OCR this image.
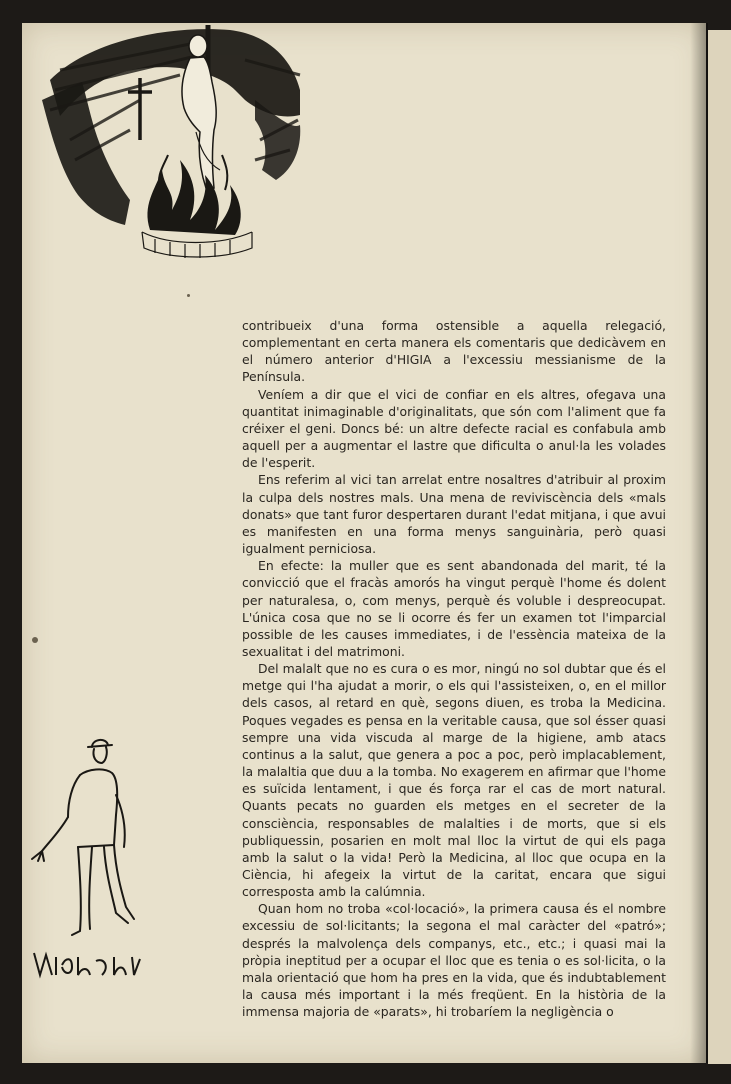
contribueix d'una forma ostensible a aquella relegació, complementant en certa manera els comentaris que dedicàvem en el número anterior d'HIGIA a l'excessiu messianisme de la Península.

Veníem a dir que el vici de confiar en els altres, ofegava una quantitat inimaginable d'originalitats, que són com l'aliment que fa créixer el geni. Doncs bé: un altre defecte racial es confabula amb aquell per a augmentar el lastre que dificulta o anul·la les volades de l'esperit.

Ens referim al vici tan arrelat entre nosaltres d'atribuir al proxim la culpa dels nostres mals. Una mena de reviviscència dels «mals donats» que tant furor despertaren durant l'edat mitjana, i que avui es manifesten en una forma menys sanguinària, però quasi igualment perniciosa.

En efecte: la muller que es sent abandonada del marit, té la convicció que el fracàs amorós ha vingut perquè l'home és dolent per naturalesa, o, com menys, perquè és voluble i despreocupat. L'única cosa que no se li ocorre és fer un examen tot l'imparcial possible de les causes immediates, i de l'essència mateixa de la sexualitat i del matrimoni.

Del malalt que no es cura o es mor, ningú no sol dubtar que és el metge qui l'ha ajudat a morir, o els qui l'assisteixen, o, en el millor dels casos, al retard en què, segons diuen, es troba la Medicina. Poques vegades es pensa en la veritable causa, que sol ésser quasi sempre una vida viscuda al marge de la higiene, amb atacs continus a la salut, que genera a poc a poc, però implacablement, la malaltia que duu a la tomba. No exagerem en afirmar que l'home es suïcida lentament, i que és força rar el cas de mort natural. Quants pecats no guarden els metges en el secreter de la consciència, responsables de malalties i de morts, que si els publiquessin, posarien en molt mal lloc la virtut de qui els paga amb la salut o la vida! Però la Medicina, al lloc que ocupa en la Ciència, hi afegeix la virtut de la caritat, encara que sigui corresposta amb la calúmnia.

Quan hom no troba «col·locació», la primera causa és el nombre excessiu de sol·licitants; la segona el mal caràcter del «patró»; després la malvolença dels companys, etc., etc.; i quasi mai la pròpia ineptitud per a ocupar el lloc que es tenia o es sol·licita, o la mala orientació que hom ha pres en la vida, que és indubtablement la causa més important i la més freqüent. En la història de la immensa majoria de «parats», hi trobaríem la negligència o
